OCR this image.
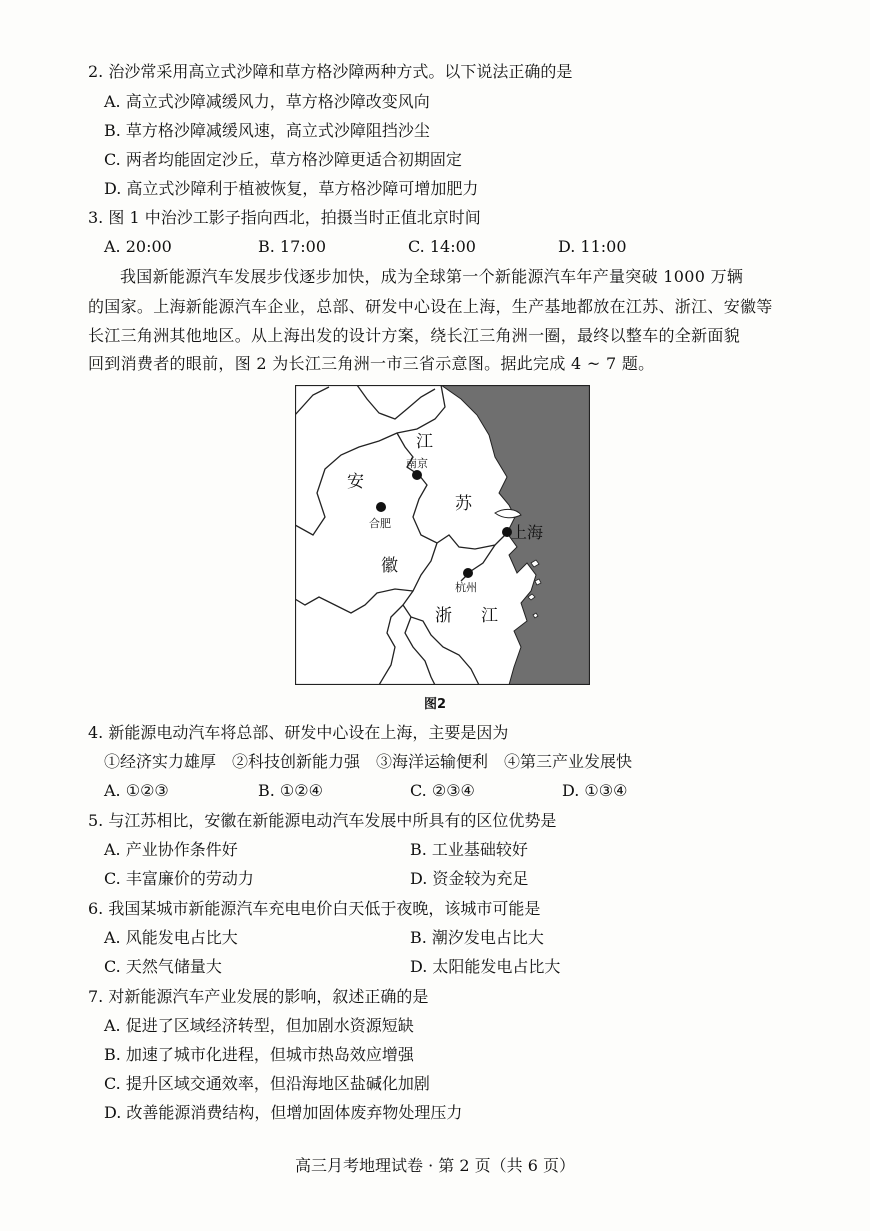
2. 治沙常采用高立式沙障和草方格沙障两种方式。以下说法正确的是
A. 高立式沙障减缓风力，草方格沙障改变风向
B. 草方格沙障减缓风速，高立式沙障阻挡沙尘
C. 两者均能固定沙丘，草方格沙障更适合初期固定
D. 高立式沙障利于植被恢复，草方格沙障可增加肥力
3. 图 1 中治沙工影子指向西北，拍摄当时正值北京时间
A. 20:00	B. 17:00	C. 14:00	D. 11:00
我国新能源汽车发展步伐逐步加快，成为全球第一个新能源汽车年产量突破 1000 万辆
的国家。上海新能源汽车企业，总部、研发中心设在上海，生产基地都放在江苏、浙江、安徽等
长江三角洲其他地区。从上海出发的设计方案，绕长江三角洲一圈，最终以整车的全新面貌
回到消费者的眼前，图 2 为长江三角洲一市三省示意图。据此完成 4 ~ 7 题。
江
南京
安
苏
合肥	上海
徽
杭州
浙 江
图2
4. 新能源电动汽车将总部、研发中心设在上海，主要是因为
①经济实力雄厚　②科技创新能力强　③海洋运输便利　④第三产业发展快
A. ①②③	B. ①②④	C. ②③④	D. ①③④
5. 与江苏相比，安徽在新能源电动汽车发展中所具有的区位优势是
A. 产业协作条件好	B. 工业基础较好
C. 丰富廉价的劳动力	D. 资金较为充足
6. 我国某城市新能源汽车充电电价白天低于夜晚，该城市可能是
A. 风能发电占比大	B. 潮汐发电占比大
C. 天然气储量大	D. 太阳能发电占比大
7. 对新能源汽车产业发展的影响，叙述正确的是
A. 促进了区域经济转型，但加剧水资源短缺
B. 加速了城市化进程，但城市热岛效应增强
C. 提升区域交通效率，但沿海地区盐碱化加剧
D. 改善能源消费结构，但增加固体废弃物处理压力
高三月考地理试卷 · 第 2 页（共 6 页）
